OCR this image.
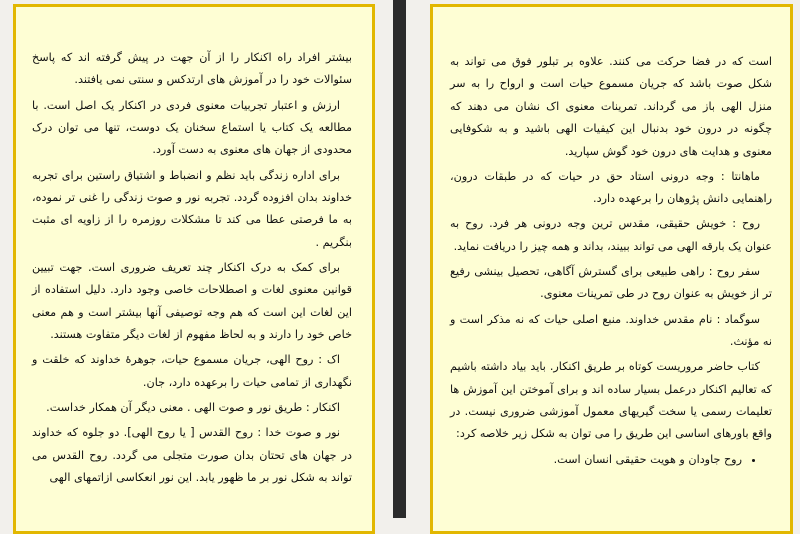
بیشتر افراد راه اکنکار را از آن جهت در پیش گرفته اند که پاسخ سئوالات خود را در آموزش های ارتدکس و سنتی نمی یافتند.

ارزش و اعتبار تجربیات معنوی فردی در اکنکار یک اصل است. با مطالعه یک کتاب یا استماع سخنان یک دوست، تنها می توان درک محدودی از جهان های معنوی به دست آورد.

برای اداره زندگی باید نظم و انضباط و اشتیاق راستین برای تجربه خداوند بدان افزوده گردد. تجربه نور و صوت زندگی را غنی تر نموده، به ما فرصتی عطا می کند تا مشکلات روزمره را از زاویه ای مثبت بنگریم .

برای کمک به درک اکنکار چند تعریف ضروری است. جهت تبیین قوانین معنوی لغات و اصطلاحات خاصی وجود دارد. دلیل استفاده از این لغات این است که هم وجه توصیفی آنها بیشتر است و هم معنی خاص خود را دارند و به لحاظ مفهوم از لغات دیگر متفاوت هستند.

اک : روح الهی، جریان مسموع حیات، جوهرۀ خداوند که خلقت و نگهداری از تمامی حیات را برعهده دارد، جان.

اکنکار : طریق نور و صوت الهی . معنی دیگر آن همکار خداست.

نور و صوت خدا : روح القدس [ یا روح الهی]. دو جلوه که خداوند در جهان های تحتان بدان صورت متجلی می گردد. روح القدس می تواند به شکل نور بر ما ظهور یابد. این نور انعکاسی ازاتمهای الهی

است که در فضا حرکت می کنند. علاوه بر تبلور فوق می تواند به شکل صوت باشد که جریان مسموع حیات است و ارواح را به سر منزل الهی باز می گرداند. تمرینات معنوی اک نشان می دهند که چگونه در درون خود بدنبال این کیفیات الهی باشید و به شکوفایی معنوی و هدایت های درون خود گوش سپارید.

ماهانتا : وجه درونی استاد حق در حیات که در طبقات درون، راهنمایی دانش پژوهان را برعهده دارد.

روح : خویش حقیقی، مقدس ترین وجه درونی هر فرد. روح به عنوان یک بارقه الهی می تواند ببیند، بداند و همه چیز را دریافت نماید.

سفر روح : راهی طبیعی برای گسترش آگاهی، تحصیل بینشی رفیع تر از خویش به عنوان روح در طی تمرینات معنوی.

سوگماد : نام مقدس خداوند. منبع اصلی حیات که نه مذکر است و نه مؤنث.

کتاب حاضر مروریست کوتاه بر طریق اکنکار. باید بیاد داشته باشیم که تعالیم اکنکار درعمل بسیار ساده اند و برای آموختن این آموزش ها تعلیمات رسمی یا سخت گیریهای معمول آموزشی ضروری نیست. در واقع باورهای اساسی این طریق را می توان به شکل زیر خلاصه کرد:

• روح جاودان و هویت حقیقی انسان است.
